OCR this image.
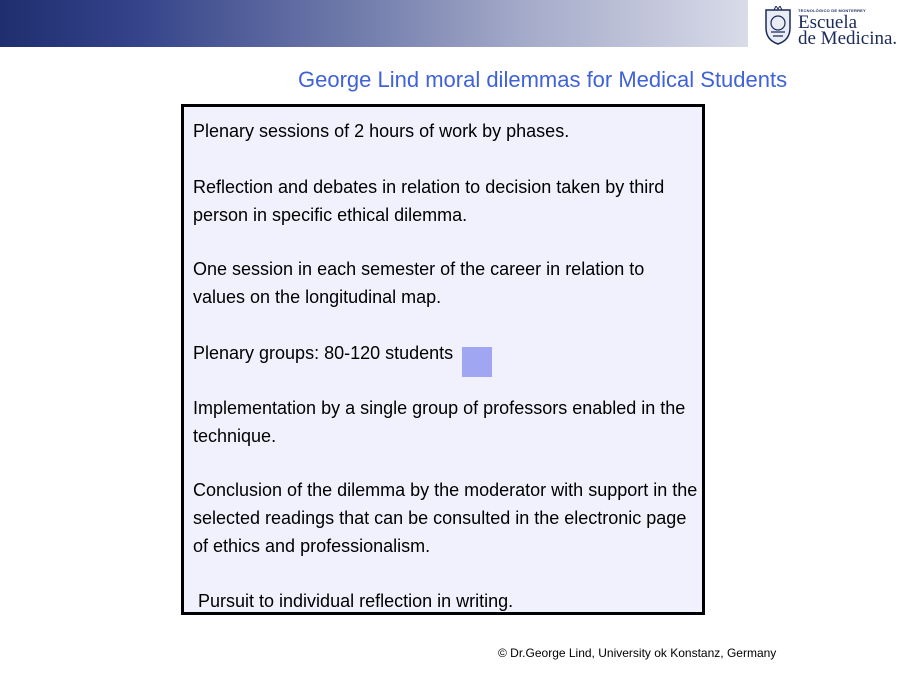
TECNOLÓGICO DE MONTERREY
Escuela
de Medicina.
George Lind moral dilemmas for Medical Students
Plenary sessions of 2 hours of work by phases.
Reflection and debates in relation to decision taken by third person in specific ethical dilemma.
One session in each semester of the career in relation to values on the longitudinal map.
Plenary groups: 80-120 students
Implementation by a single group of professors enabled in the technique.
Conclusion of the dilemma by the moderator with support in the selected readings that can be consulted in the electronic page of ethics and professionalism.
Pursuit to individual reflection in writing.
© Dr.George Lind, University ok Konstanz, Germany
